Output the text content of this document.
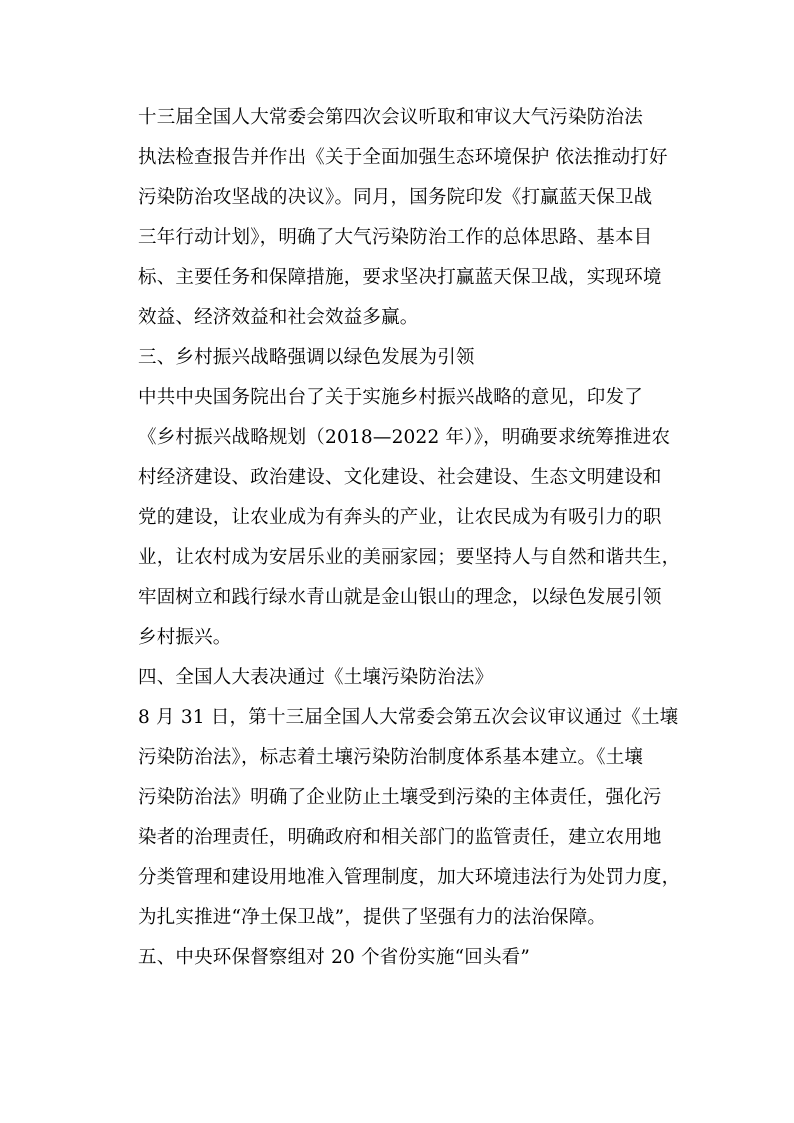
十三届全国人大常委会第四次会议听取和审议大气污染防治法
执法检查报告并作出《关于全面加强生态环境保护 依法推动打好
污染防治攻坚战的决议》。同月，国务院印发《打赢蓝天保卫战
三年行动计划》，明确了大气污染防治工作的总体思路、基本目
标、主要任务和保障措施，要求坚决打赢蓝天保卫战，实现环境
效益、经济效益和社会效益多赢。
三、乡村振兴战略强调以绿色发展为引领
中共中央国务院出台了关于实施乡村振兴战略的意见，印发了
《乡村振兴战略规划（2018—2022 年）》，明确要求统筹推进农
村经济建设、政治建设、文化建设、社会建设、生态文明建设和
党的建设，让农业成为有奔头的产业，让农民成为有吸引力的职
业，让农村成为安居乐业的美丽家园；要坚持人与自然和谐共生，
牢固树立和践行绿水青山就是金山银山的理念，以绿色发展引领
乡村振兴。
四、全国人大表决通过《土壤污染防治法》
8 月 31 日，第十三届全国人大常委会第五次会议审议通过《土壤
污染防治法》，标志着土壤污染防治制度体系基本建立。《土壤
污染防治法》明确了企业防止土壤受到污染的主体责任，强化污
染者的治理责任，明确政府和相关部门的监管责任，建立农用地
分类管理和建设用地准入管理制度，加大环境违法行为处罚力度，
为扎实推进“净土保卫战”，提供了坚强有力的法治保障。
五、中央环保督察组对 20 个省份实施“回头看”
